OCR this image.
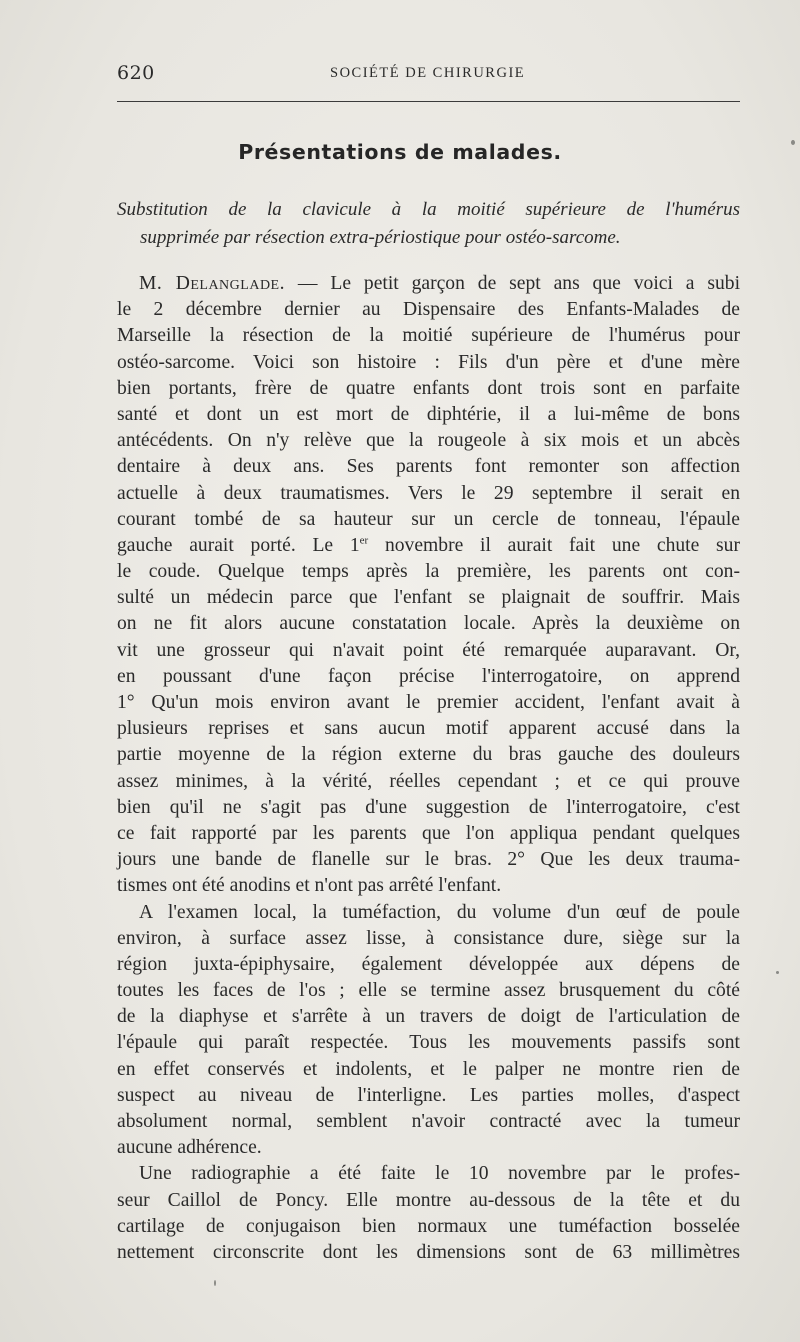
620	SOCIÉTÉ DE CHIRURGIE
Présentations de malades.

Substitution de la clavicule à la moitié supérieure de l'humérus

supprimée par résection extra-périostique pour ostéo-sarcome.

M. Delanglade. — Le petit garçon de sept ans que voici a subi
le 2 décembre dernier au Dispensaire des Enfants-Malades de
Marseille la résection de la moitié supérieure de l'humérus pour
ostéo-sarcome. Voici son histoire : Fils d'un père et d'une mère
bien portants, frère de quatre enfants dont trois sont en parfaite
santé et dont un est mort de diphtérie, il a lui-même de bons
antécédents. On n'y relève que la rougeole à six mois et un abcès
dentaire à deux ans. Ses parents font remonter son affection
actuelle à deux traumatismes. Vers le 29 septembre il serait en
courant tombé de sa hauteur sur un cercle de tonneau, l'épaule
gauche aurait porté. Le 1er novembre il aurait fait une chute sur
le coude. Quelque temps après la première, les parents ont con-
sulté un médecin parce que l'enfant se plaignait de souffrir. Mais
on ne fit alors aucune constatation locale. Après la deuxième on
vit une grosseur qui n'avait point été remarquée auparavant. Or,
en poussant d'une façon précise l'interrogatoire, on apprend
1° Qu'un mois environ avant le premier accident, l'enfant avait à
plusieurs reprises et sans aucun motif apparent accusé dans la
partie moyenne de la région externe du bras gauche des douleurs
assez minimes, à la vérité, réelles cependant ; et ce qui prouve
bien qu'il ne s'agit pas d'une suggestion de l'interrogatoire, c'est
ce fait rapporté par les parents que l'on appliqua pendant quelques
jours une bande de flanelle sur le bras. 2° Que les deux trauma-
tismes ont été anodins et n'ont pas arrêté l'enfant.
A l'examen local, la tuméfaction, du volume d'un œuf de poule
environ, à surface assez lisse, à consistance dure, siège sur la
région juxta-épiphysaire, également développée aux dépens de
toutes les faces de l'os ; elle se termine assez brusquement du côté
de la diaphyse et s'arrête à un travers de doigt de l'articulation de
l'épaule qui paraît respectée. Tous les mouvements passifs sont
en effet conservés et indolents, et le palper ne montre rien de
suspect au niveau de l'interligne. Les parties molles, d'aspect
absolument normal, semblent n'avoir contracté avec la tumeur
aucune adhérence.
Une radiographie a été faite le 10 novembre par le profes-
seur Caillol de Poncy. Elle montre au-dessous de la tête et du
cartilage de conjugaison bien normaux une tuméfaction bosselée
nettement circonscrite dont les dimensions sont de 63 millimètres
